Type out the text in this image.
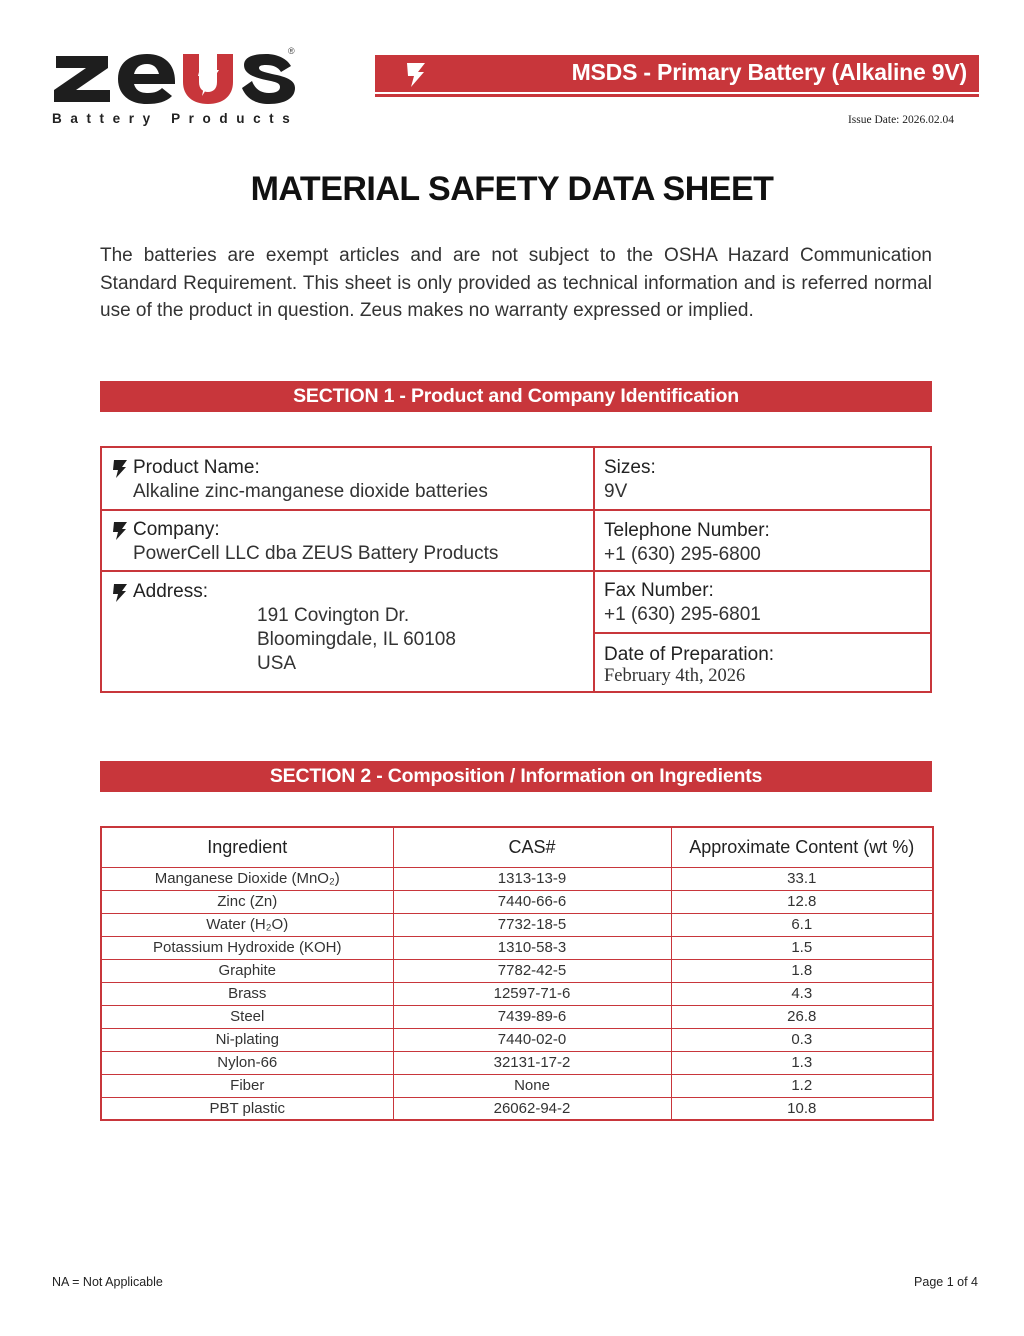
®
Battery Products
MSDS - Primary Battery (Alkaline 9V)
Issue Date: 2026.02.04
MATERIAL SAFETY DATA SHEET

The batteries are exempt articles and are not subject to the OSHA Hazard Communication Standard Requirement. This sheet is only provided as technical information and is referred normal use of the product in question. Zeus makes no warranty expressed or implied.

SECTION 1 - Product and Company Identification
Product Name:
Alkaline zinc-manganese dioxide batteries
Company:
PowerCell LLC dba ZEUS Battery Products
Address:
191 Covington Dr.
Bloomingdale, IL 60108
USA
Sizes:
9V
Telephone Number:
+1 (630) 295-6800
Fax Number:
+1 (630) 295-6801
Date of Preparation:
February 4th, 2026
SECTION 2 - Composition / Information on Ingredients
Ingredient	CAS#	Approximate Content (wt %)
Manganese Dioxide (MnO₂)	1313-13-9	33.1
Zinc (Zn)	7440-66-6	12.8
Water (H₂O)	7732-18-5	6.1
Potassium Hydroxide (KOH)	1310-58-3	1.5
Graphite	7782-42-5	1.8
Brass	12597-71-6	4.3
Steel	7439-89-6	26.8
Ni-plating	7440-02-0	0.3
Nylon-66	32131-17-2	1.3
Fiber	None	1.2
PBT plastic	26062-94-2	10.8
NA = Not Applicable	Page 1 of 4
